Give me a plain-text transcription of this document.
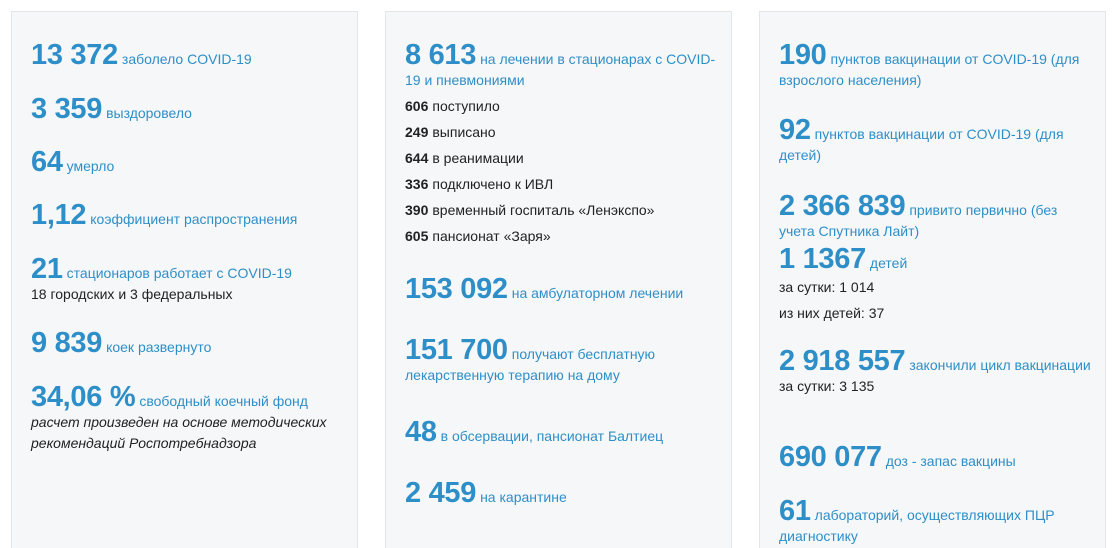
13 372 заболело COVID-19
3 359 выздоровело
64 умерло
1,12 коэффициент распространения
21 стационаров работает с COVID-19
18 городских и 3 федеральных
9 839 коек развернуто
34,06 % свободный коечный фонд
расчет произведен на основе методических рекомендаций Роспотребнадзора
8 613 на лечении в стационарах с COVID-19 и пневмониями
606 поступило
249 выписано
644 в реанимации
336 подключено к ИВЛ
390 временный госпиталь «Ленэкспо»
605 пансионат «Заря»
153 092 на амбулаторном лечении
151 700 получают бесплатную лекарственную терапию на дому
48 в обсервации, пансионат Балтиец
2 459 на карантине
190 пунктов вакцинации от COVID-19 (для взрослого населения)
92 пунктов вакцинации от COVID-19 (для детей)
2 366 839 привито первично (без учета Спутника Лайт)
1 1367 детей
за сутки: 1 014
из них детей: 37
2 918 557 закончили цикл вакцинации
за сутки: 3 135
690 077 доз - запас вакцины
61 лабораторий, осуществляющих ПЦР диагностику
